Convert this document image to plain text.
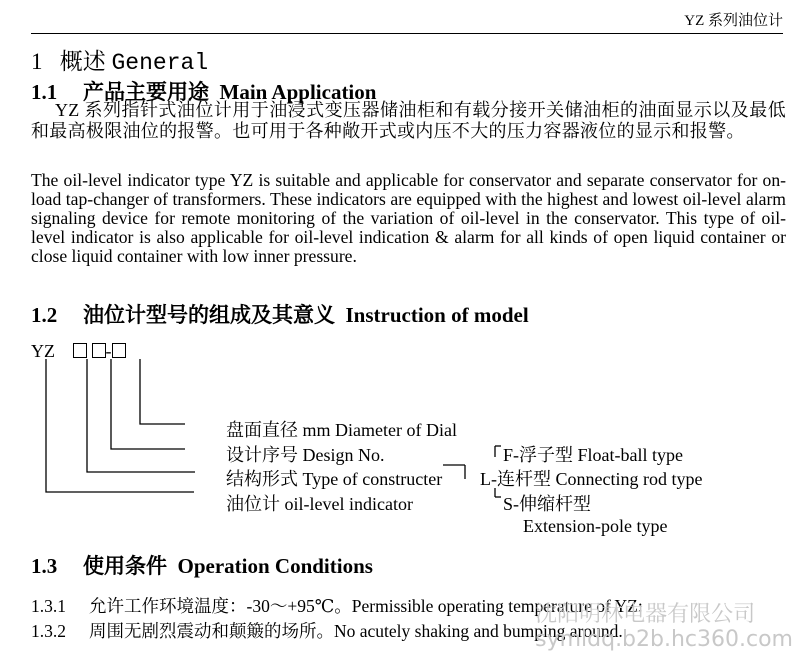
YZ 系列油位计
1 概述 General
1.1 产品主要用途 Main Application
YZ 系列指针式油位计用于油浸式变压器储油柜和有载分接开关储油柜的油面显示以及最低和最高极限油位的报警。也可用于各种敞开式或内压不大的压力容器液位的显示和报警。
The oil-level indicator type YZ is suitable and applicable for conservator and separate conservator for on-load tap-changer of transformers. These indicators are equipped with the highest and lowest oil-level alarm signaling device for remote monitoring of the variation of oil-level in the conservator. This type of oil-level indicator is also applicable for oil-level indication & alarm for all kinds of open liquid container or close liquid container with low inner pressure.
1.2 油位计型号的组成及其意义 Instruction of model
YZ	-
盘面直径 mm Diameter of Dial
设计序号 Design No.
结构形式 Type of constructer
油位计 oil-level indicator
F-浮子型 Float-ball type
L-连杆型 Connecting rod type
S-伸缩杆型
Extension-pole type
1.3 使用条件 Operation Conditions
1.3.1 允许工作环境温度：-30～+95℃。Permissible operating temperature of YZ:
1.3.2 周围无剧烈震动和颠簸的场所。No acutely shaking and bumping around.
沈阳明林电器有限公司
symldq.b2b.hc360.com
